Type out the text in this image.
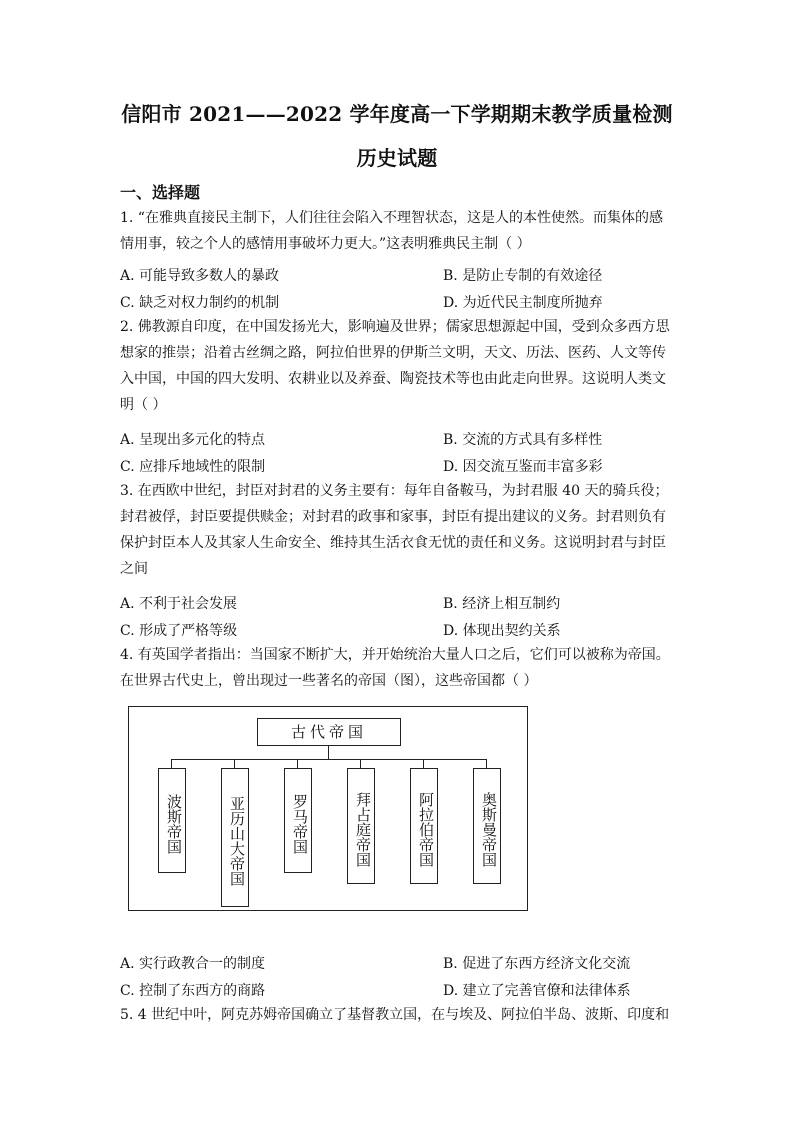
信阳市 2021——2022 学年度高一下学期期末教学质量检测
历史试题
一、选择题
1. “在雅典直接民主制下，人们往往会陷入不理智状态，这是人的本性使然。而集体的感
情用事，较之个人的感情用事破坏力更大。”这表明雅典民主制（ ）
A. 可能导致多数人的暴政	B. 是防止专制的有效途径
C. 缺乏对权力制约的机制	D. 为近代民主制度所抛弃
2. 佛教源自印度，在中国发扬光大，影响遍及世界；儒家思想源起中国，受到众多西方思
想家的推崇；沿着古丝绸之路，阿拉伯世界的伊斯兰文明，天文、历法、医药、人文等传
入中国，中国的四大发明、农耕业以及养蚕、陶瓷技术等也由此走向世界。这说明人类文
明（ ）
A. 呈现出多元化的特点	B. 交流的方式具有多样性
C. 应排斥地域性的限制	D. 因交流互鉴而丰富多彩
3. 在西欧中世纪，封臣对封君的义务主要有：每年自备鞍马，为封君服 40 天的骑兵役；
封君被俘，封臣要提供赎金；对封君的政事和家事，封臣有提出建议的义务。封君则负有
保护封臣本人及其家人生命安全、维持其生活衣食无忧的责任和义务。这说明封君与封臣
之间
A. 不利于社会发展	B. 经济上相互制约
C. 形成了严格等级	D. 体现出契约关系
4. 有英国学者指出：当国家不断扩大，并开始统治大量人口之后，它们可以被称为帝国。
在世界古代史上，曾出现过一些著名的帝国（图），这些帝国都（ ）
古代帝国
波斯帝国	亚历山大帝国	罗马帝国	拜占庭帝国	阿拉伯帝国	奥斯曼帝国
A. 实行政教合一的制度	B. 促进了东西方经济文化交流
C. 控制了东西方的商路	D. 建立了完善官僚和法律体系
5. 4 世纪中叶，阿克苏姆帝国确立了基督教立国，在与埃及、阿拉伯半岛、波斯、印度和
